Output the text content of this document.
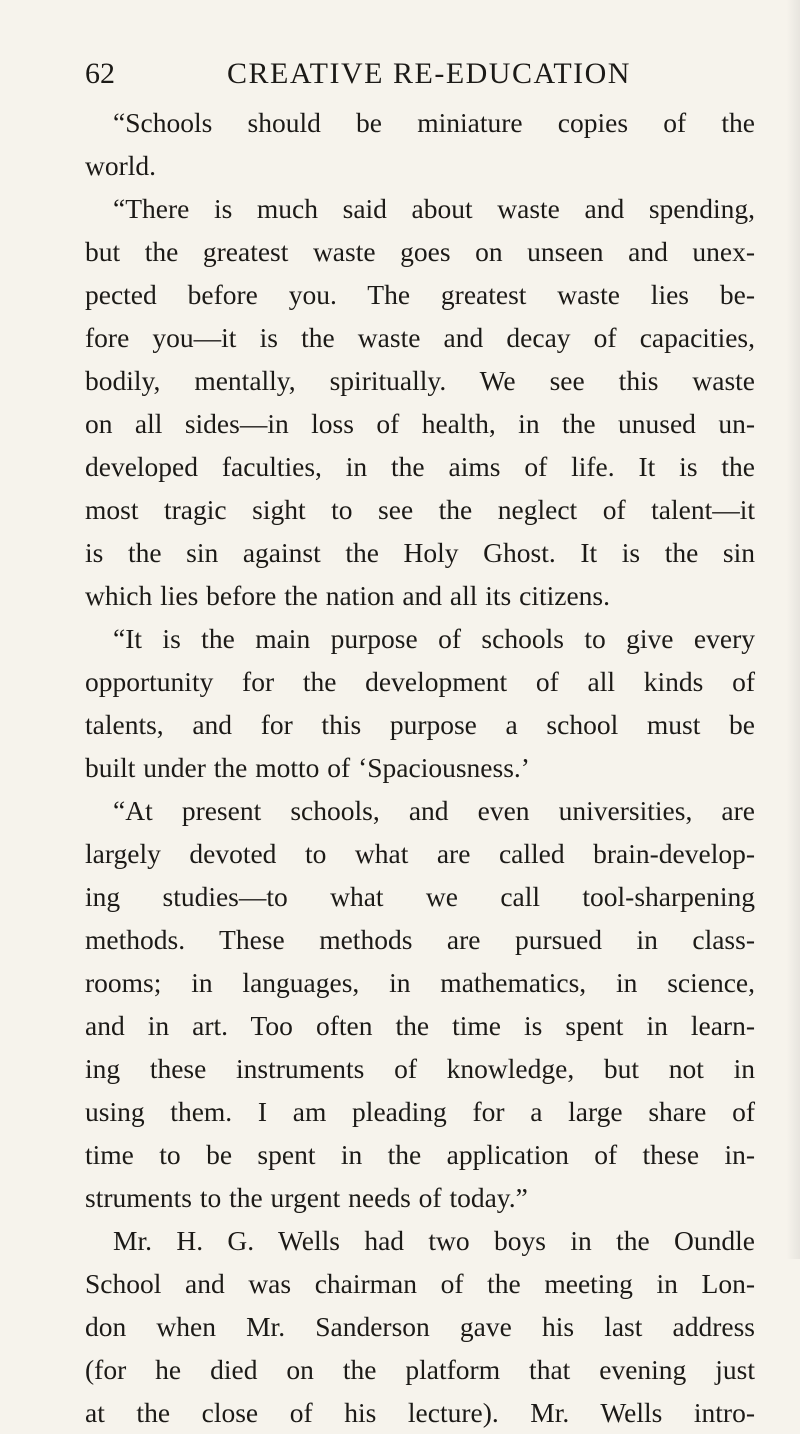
62	CREATIVE RE-EDUCATION
“Schools should be miniature copies of the
world.
“There is much said about waste and spending,
but the greatest waste goes on unseen and unex-
pected before you. The greatest waste lies be-
fore you—it is the waste and decay of capacities,
bodily, mentally, spiritually. We see this waste
on all sides—in loss of health, in the unused un-
developed faculties, in the aims of life. It is the
most tragic sight to see the neglect of talent—it
is the sin against the Holy Ghost. It is the sin
which lies before the nation and all its citizens.
“It is the main purpose of schools to give every
opportunity for the development of all kinds of
talents, and for this purpose a school must be
built under the motto of ‘Spaciousness.’
“At present schools, and even universities, are
largely devoted to what are called brain-develop-
ing studies—to what we call tool-sharpening
methods. These methods are pursued in class-
rooms; in languages, in mathematics, in science,
and in art. Too often the time is spent in learn-
ing these instruments of knowledge, but not in
using them. I am pleading for a large share of
time to be spent in the application of these in-
struments to the urgent needs of today.”
Mr. H. G. Wells had two boys in the Oundle
School and was chairman of the meeting in Lon-
don when Mr. Sanderson gave his last address
(for he died on the platform that evening just
at the close of his lecture). Mr. Wells intro-
